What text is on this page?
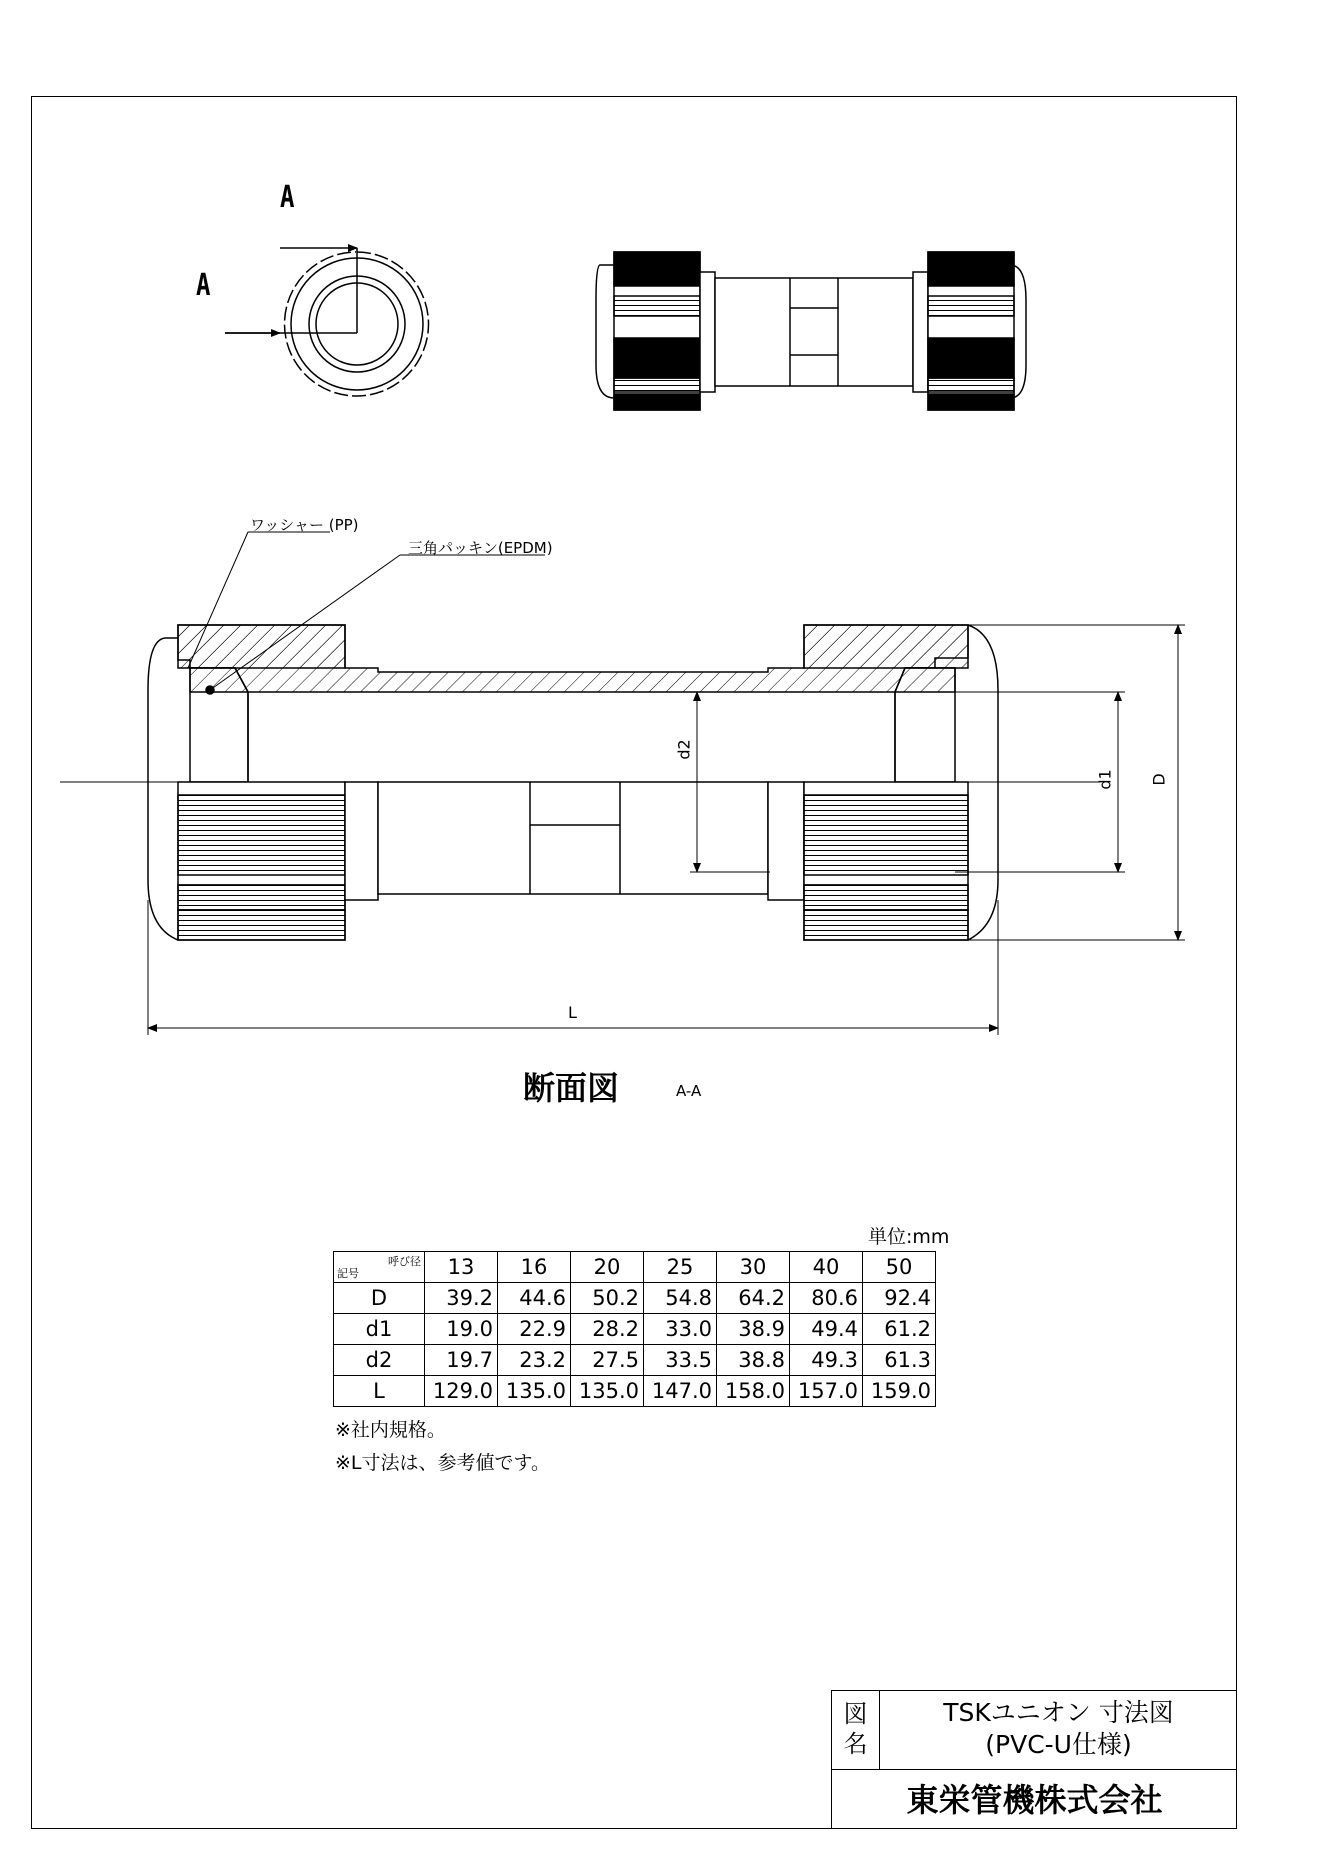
A
A
ワッシャー (PP)
三角パッキン(EPDM)
d2
d1 D
L
断面図	A-A
単位:mm
記号
呼び径	13	16	20	25	30	40	50
D	39.2	44.6	50.2	54.8	64.2	80.6	92.4
d1	19.0	22.9	28.2	33.0	38.9	49.4	61.2
d2	19.7	23.2	27.5	33.5	38.8	49.3	61.3
L	129.0	135.0	135.0	147.0	158.0	157.0	159.0
※社内規格。
※L寸法は、参考値です。
図
名
TSKユニオン 寸法図
(PVC-U仕様)
東栄管機株式会社
